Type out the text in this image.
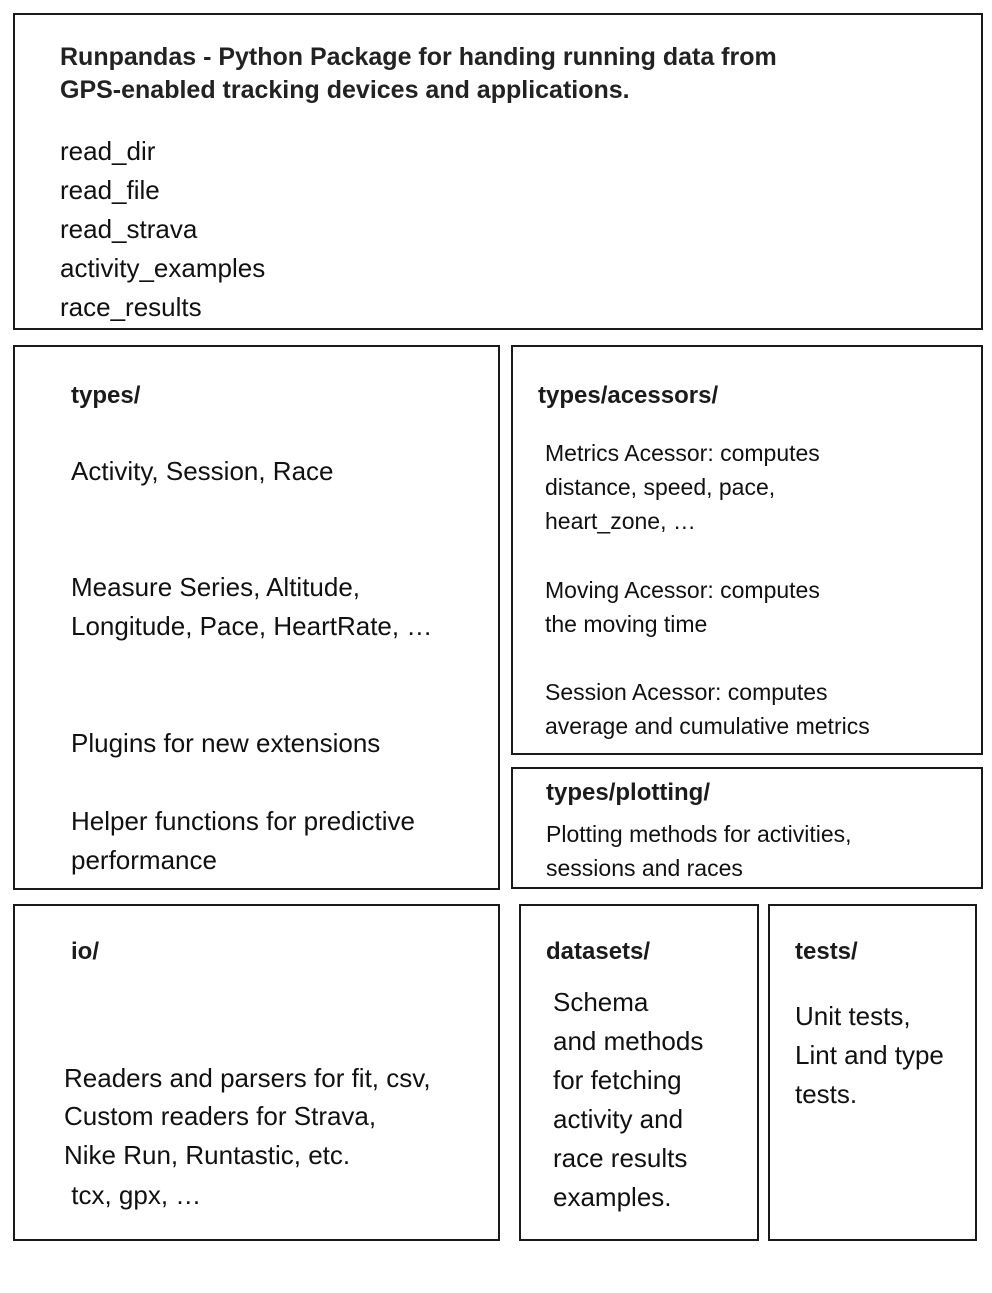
Runpandas - Python Package for handing running data from
GPS-enabled tracking devices and applications.
read_dir
read_file
read_strava
activity_examples
race_results
types/
Activity, Session, Race
Measure Series, Altitude,
Longitude, Pace, HeartRate, …
Plugins for new extensions
Helper functions for predictive
performance
types/acessors/
Metrics Acessor: computes
distance, speed, pace,
heart_zone, …
Moving Acessor: computes
the moving time
Session Acessor: computes
average and cumulative metrics
types/plotting/
Plotting methods for activities,
sessions and races
io/

Readers and parsers for fit, csv,

tcx, gpx, …

Custom readers for Strava,
Nike Run, Runtastic, etc.
datasets/
Schema
and methods
for fetching
activity and
race results
examples.
tests/
Unit tests,
Lint and type
tests.
